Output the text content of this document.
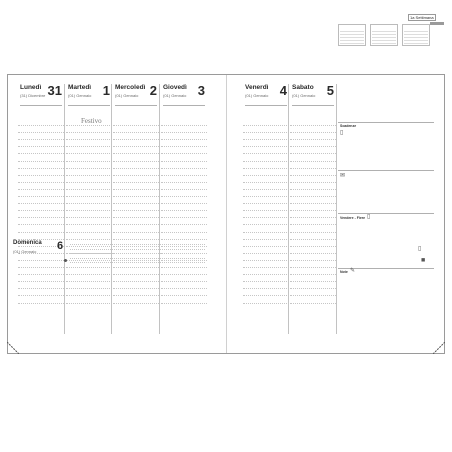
Lunedì
(31) Dicembre 31 Martedì
(01) Gennaio 1 Mercoledì
(01) Gennaio 2 Giovedì
(01) Gennaio 3	Venerdì
(01) Gennaio 4 Sabato
(01) Gennaio 5
Festivo
Domenica
(01) Gennaio 6
1a Settimana
Scadenze
▯
✉
Vendere - Fiere ▯
▯
■
Note ✎
